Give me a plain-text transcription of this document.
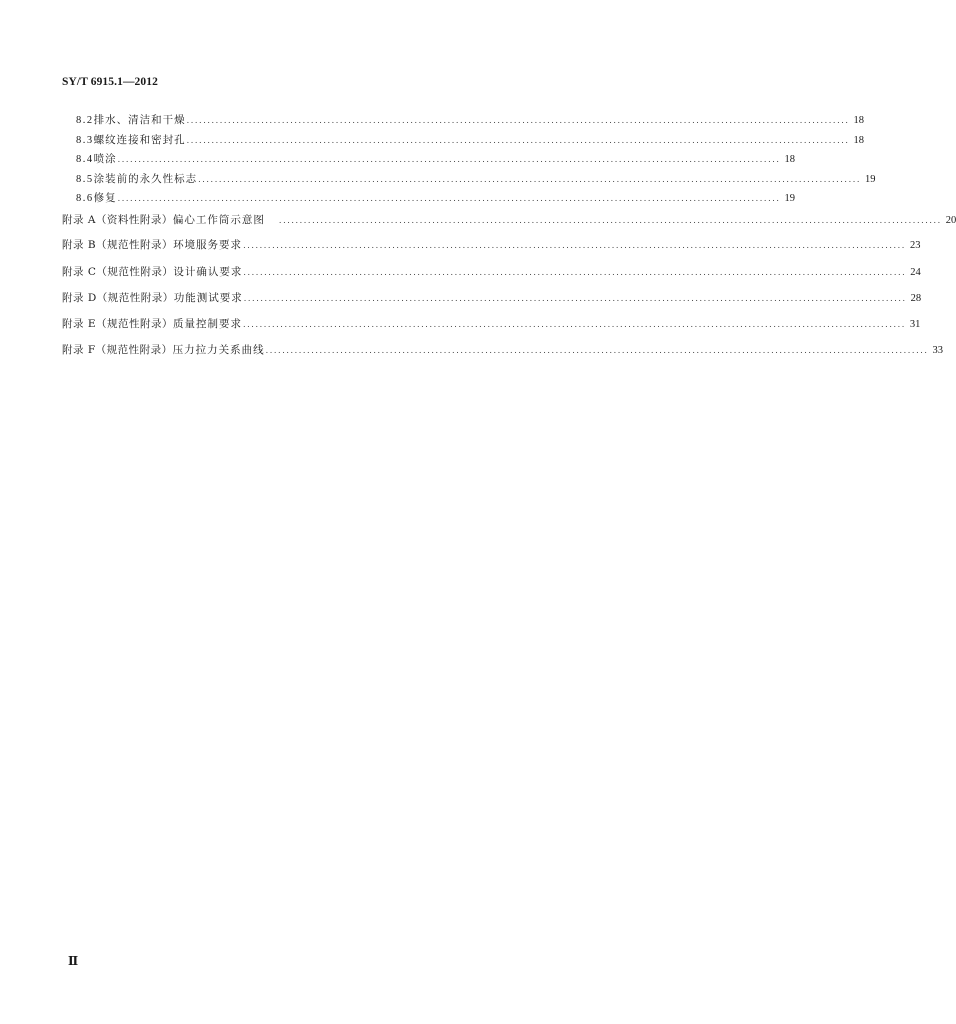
SY/T 6915.1—2012
8.2 排水、清洁和干燥 ................................................................................................................................................................ 18
8.3 螺纹连接和密封孔 ................................................................................................................................................................ 18
8.4 喷涂 ................................................................................................................................................................ 18
8.5 涂装前的永久性标志 ................................................................................................................................................................ 19
8.6 修复 ................................................................................................................................................................ 19
附录 A（资料性附录） 偏心工作筒示意图 ................................................................................................................................................................ 20
附录 B（规范性附录） 环境服务要求 ................................................................................................................................................................ 23
附录 C（规范性附录） 设计确认要求 ................................................................................................................................................................ 24
附录 D（规范性附录） 功能测试要求 ................................................................................................................................................................ 28
附录 E（规范性附录） 质量控制要求 ................................................................................................................................................................ 31
附录 F（规范性附录） 压力拉力关系曲线 ................................................................................................................................................................ 33
Ⅱ
